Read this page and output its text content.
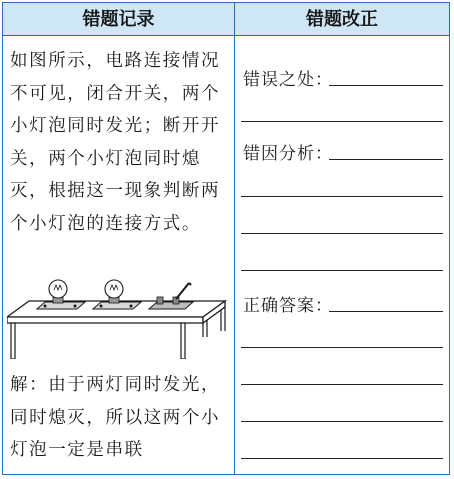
错题记录	错题改正
如图所示，电路连接情况不可见，闭合开关，两个小灯泡同时发光；断开开关，两个小灯泡同时熄灭，根据这一现象判断两个小灯泡的连接方式。
解：由于两灯同时发光，同时熄灭，所以这两个小灯泡一定是串联
错误之处：
错因分析：
正确答案：
